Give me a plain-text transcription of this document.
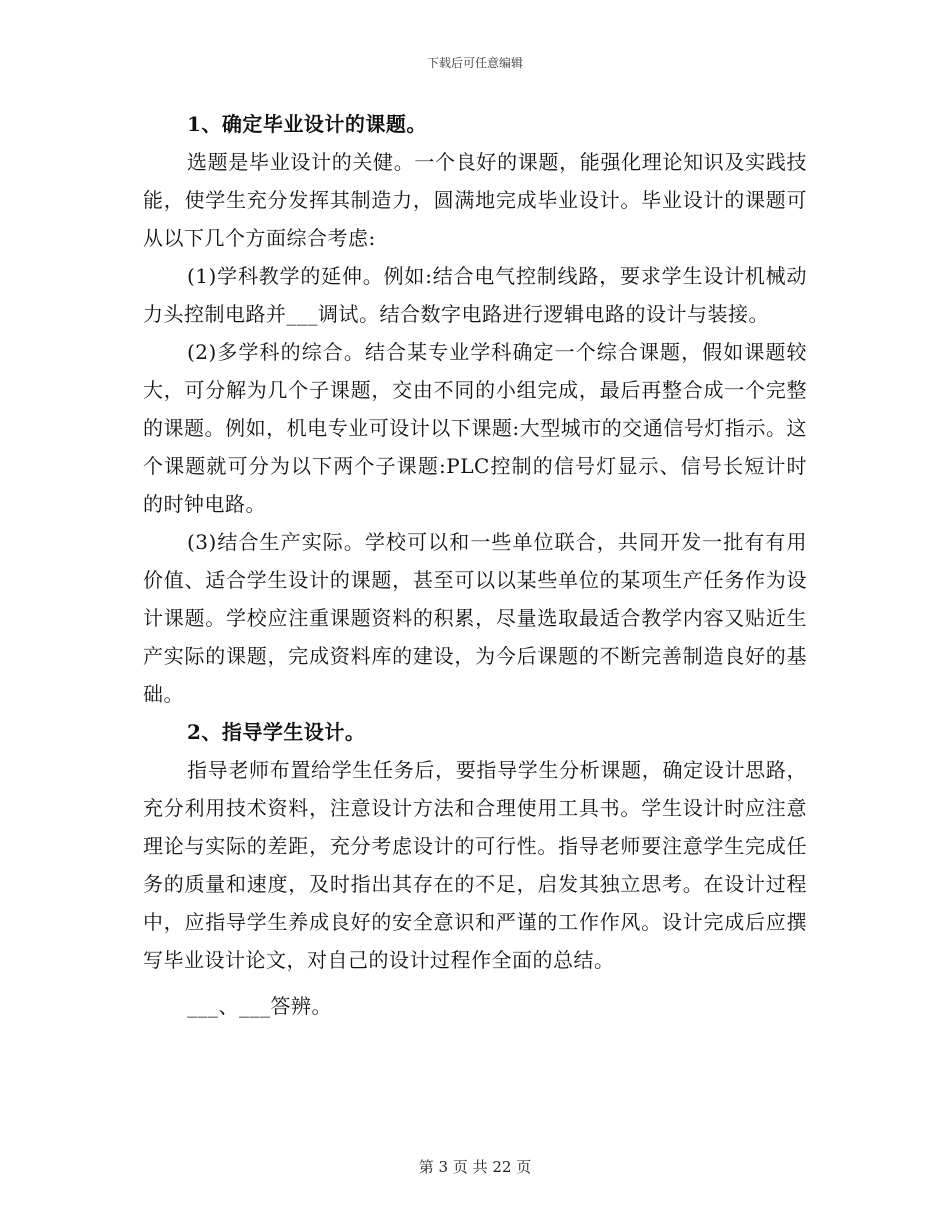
下载后可任意编辑

1、确定毕业设计的课题。

选题是毕业设计的关健。一个良好的课题，能强化理论知识及实践技能，使学生充分发挥其制造力，圆满地完成毕业设计。毕业设计的课题可从以下几个方面综合考虑:

(1)学科教学的延伸。例如:结合电气控制线路，要求学生设计机械动力头控制电路并___调试。结合数字电路进行逻辑电路的设计与装接。

(2)多学科的综合。结合某专业学科确定一个综合课题，假如课题较大，可分解为几个子课题，交由不同的小组完成，最后再整合成一个完整的课题。例如，机电专业可设计以下课题:大型城市的交通信号灯指示。这个课题就可分为以下两个子课题:PLC控制的信号灯显示、信号长短计时的时钟电路。

(3)结合生产实际。学校可以和一些单位联合，共同开发一批有有用价值、适合学生设计的课题，甚至可以以某些单位的某项生产任务作为设计课题。学校应注重课题资料的积累，尽量选取最适合教学内容又贴近生产实际的课题，完成资料库的建设，为今后课题的不断完善制造良好的基础。

2、指导学生设计。

指导老师布置给学生任务后，要指导学生分析课题，确定设计思路，充分利用技术资料，注意设计方法和合理使用工具书。学生设计时应注意理论与实际的差距，充分考虑设计的可行性。指导老师要注意学生完成任务的质量和速度，及时指出其存在的不足，启发其独立思考。在设计过程中，应指导学生养成良好的安全意识和严谨的工作作风。设计完成后应撰写毕业设计论文，对自己的设计过程作全面的总结。

___、___答辨。

第 3 页 共 22 页
